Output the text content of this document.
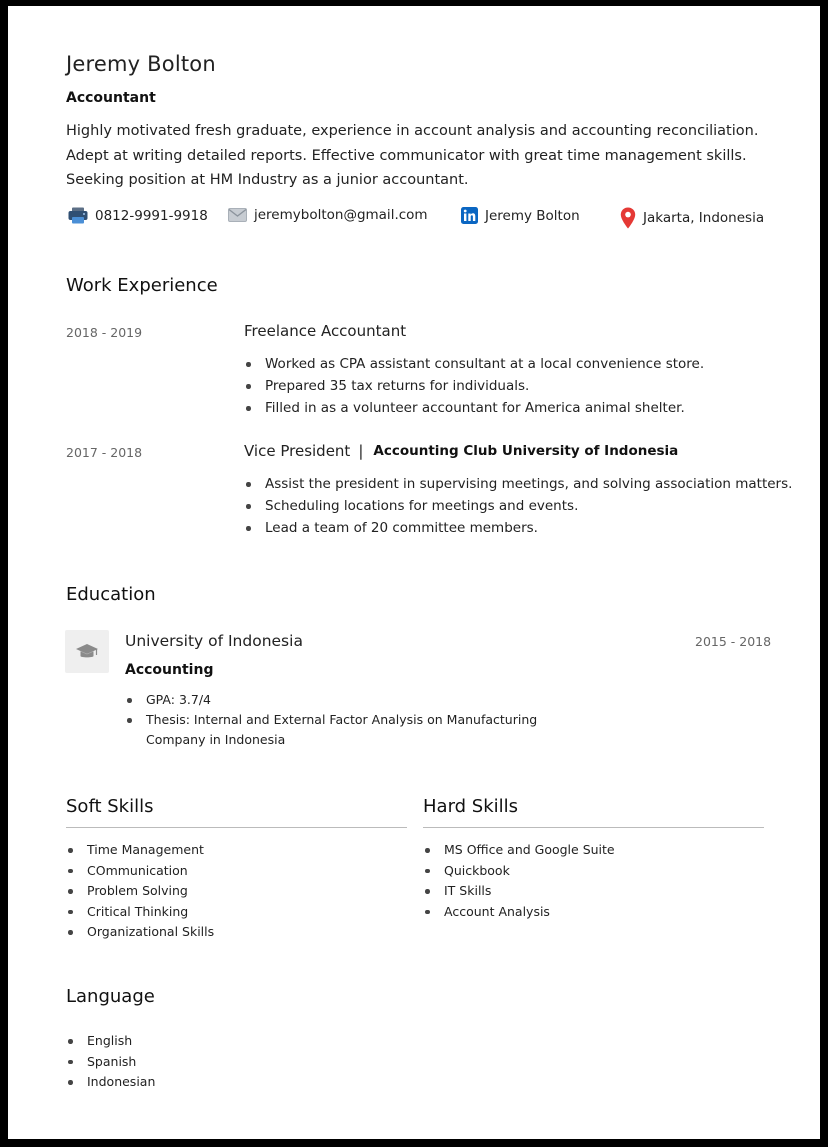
Jeremy Bolton
Accountant
Highly motivated fresh graduate, experience in account analysis and accounting reconciliation. Adept at writing detailed reports. Effective communicator with great time management skills. Seeking position at HM Industry as a junior accountant.
0812-9991-9918	jeremybolton@gmail.com	Jeremy Bolton	Jakarta, Indonesia
Work Experience
2018 - 2019	Freelance Accountant
Worked as CPA assistant consultant at a local convenience store.
Prepared 35 tax returns for individuals.
Filled in as a volunteer accountant for America animal shelter.
2017 - 2018	Vice President | Accounting Club University of Indonesia
Assist the president in supervising meetings, and solving association matters.
Scheduling locations for meetings and events.
Lead a team of 20 committee members.
Education
University of Indonesia	2015 - 2018
Accounting
GPA: 3.7/4
Thesis: Internal and External Factor Analysis on Manufacturing Company in Indonesia
Soft Skills
Time Management
COmmunication
Problem Solving
Critical Thinking
Organizational Skills
Hard Skills
MS Office and Google Suite
Quickbook
IT Skills
Account Analysis
Language
English
Spanish
Indonesian
